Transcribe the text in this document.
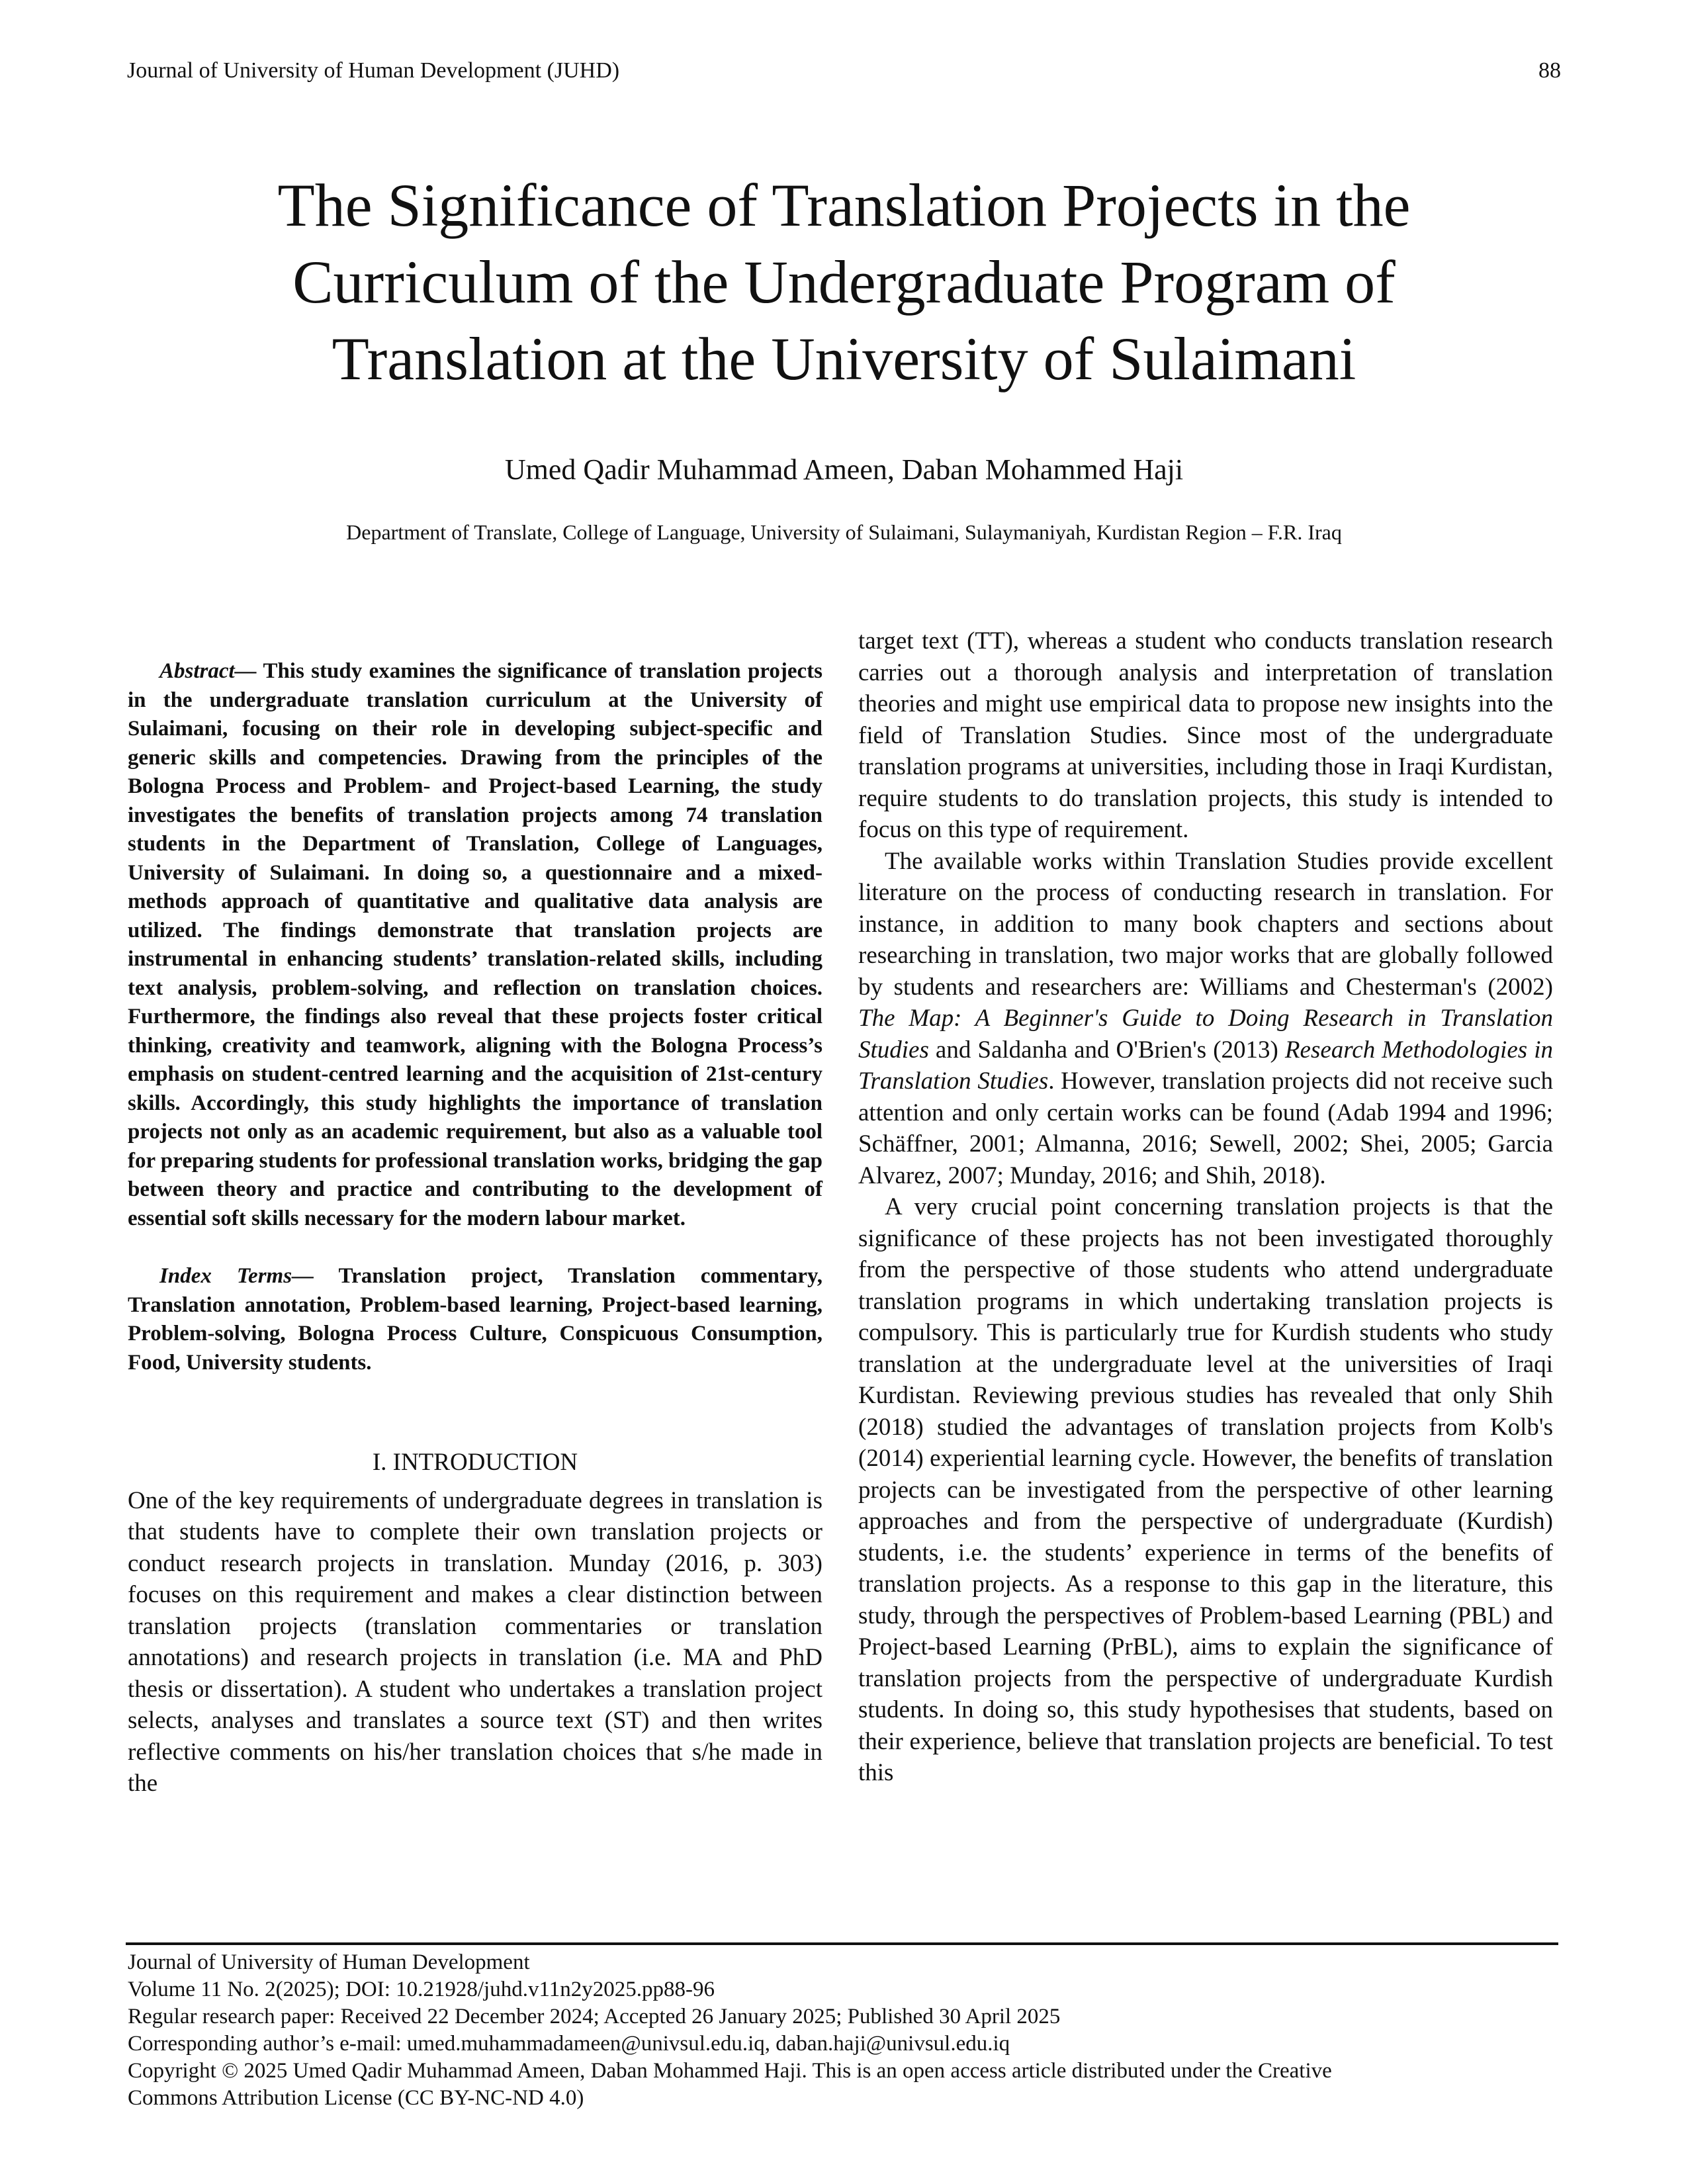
Journal of University of Human Development (JUHD)	88
The Significance of Translation Projects in the
Curriculum of the Undergraduate Program of
Translation at the University of Sulaimani
Umed Qadir Muhammad Ameen, Daban Mohammed Haji
Department of Translate, College of Language, University of Sulaimani, Sulaymaniyah, Kurdistan Region – F.R. Iraq

Abstract— This study examines the significance of translation projects in the undergraduate translation curriculum at the University of Sulaimani, focusing on their role in developing subject-specific and generic skills and competencies. Drawing from the principles of the Bologna Process and Problem- and Project-based Learning, the study investigates the benefits of translation projects among 74 translation students in the Department of Translation, College of Languages, University of Sulaimani. In doing so, a questionnaire and a mixed-methods approach of quantitative and qualitative data analysis are utilized. The findings demonstrate that translation projects are instrumental in enhancing students’ translation-related skills, including text analysis, problem-solving, and reflection on translation choices. Furthermore, the findings also reveal that these projects foster critical thinking, creativity and teamwork, aligning with the Bologna Process’s emphasis on student-centred learning and the acquisition of 21st-century skills. Accordingly, this study highlights the importance of translation projects not only as an academic requirement, but also as a valuable tool for preparing students for professional translation works, bridging the gap between theory and practice and contributing to the development of essential soft skills necessary for the modern labour market.

Index Terms— Translation project, Translation commentary, Translation annotation, Problem-based learning, Project-based learning, Problem-solving, Bologna Process Culture, Conspicuous Consumption, Food, University students.

I. INTRODUCTION

One of the key requirements of undergraduate degrees in translation is that students have to complete their own translation projects or conduct research projects in translation. Munday (2016, p. 303) focuses on this requirement and makes a clear distinction between translation projects (translation commentaries or translation annotations) and research projects in translation (i.e. MA and PhD thesis or dissertation). A student who undertakes a translation project selects, analyses and translates a source text (ST) and then writes reflective comments on his/her translation choices that s/he made in the

target text (TT), whereas a student who conducts translation research carries out a thorough analysis and interpretation of translation theories and might use empirical data to propose new insights into the field of Translation Studies. Since most of the undergraduate translation programs at universities, including those in Iraqi Kurdistan, require students to do translation projects, this study is intended to focus on this type of requirement.

The available works within Translation Studies provide excellent literature on the process of conducting research in translation. For instance, in addition to many book chapters and sections about researching in translation, two major works that are globally followed by students and researchers are: Williams and Chesterman's (2002) The Map: A Beginner's Guide to Doing Research in Translation Studies and Saldanha and O'Brien's (2013) Research Methodologies in Translation Studies. However, translation projects did not receive such attention and only certain works can be found (Adab 1994 and 1996; Schäffner, 2001; Almanna, 2016; Sewell, 2002; Shei, 2005; Garcia Alvarez, 2007; Munday, 2016; and Shih, 2018).

A very crucial point concerning translation projects is that the significance of these projects has not been investigated thoroughly from the perspective of those students who attend undergraduate translation programs in which undertaking translation projects is compulsory. This is particularly true for Kurdish students who study translation at the undergraduate level at the universities of Iraqi Kurdistan. Reviewing previous studies has revealed that only Shih (2018) studied the advantages of translation projects from Kolb's (2014) experiential learning cycle. However, the benefits of translation projects can be investigated from the perspective of other learning approaches and from the perspective of undergraduate (Kurdish) students, i.e. the students’ experience in terms of the benefits of translation projects. As a response to this gap in the literature, this study, through the perspectives of Problem-based Learning (PBL) and Project-based Learning (PrBL), aims to explain the significance of translation projects from the perspective of undergraduate Kurdish students. In doing so, this study hypothesises that students, based on their experience, believe that translation projects are beneficial. To test this

Journal of University of Human Development
Volume 11 No. 2(2025); DOI: 10.21928/juhd.v11n2y2025.pp88-96
Regular research paper: Received 22 December 2024; Accepted 26 January 2025; Published 30 April 2025
Corresponding author’s e-mail: umed.muhammadameen@univsul.edu.iq, daban.haji@univsul.edu.iq
Copyright © 2025 Umed Qadir Muhammad Ameen, Daban Mohammed Haji. This is an open access article distributed under the Creative
Commons Attribution License (CC BY-NC-ND 4.0)
